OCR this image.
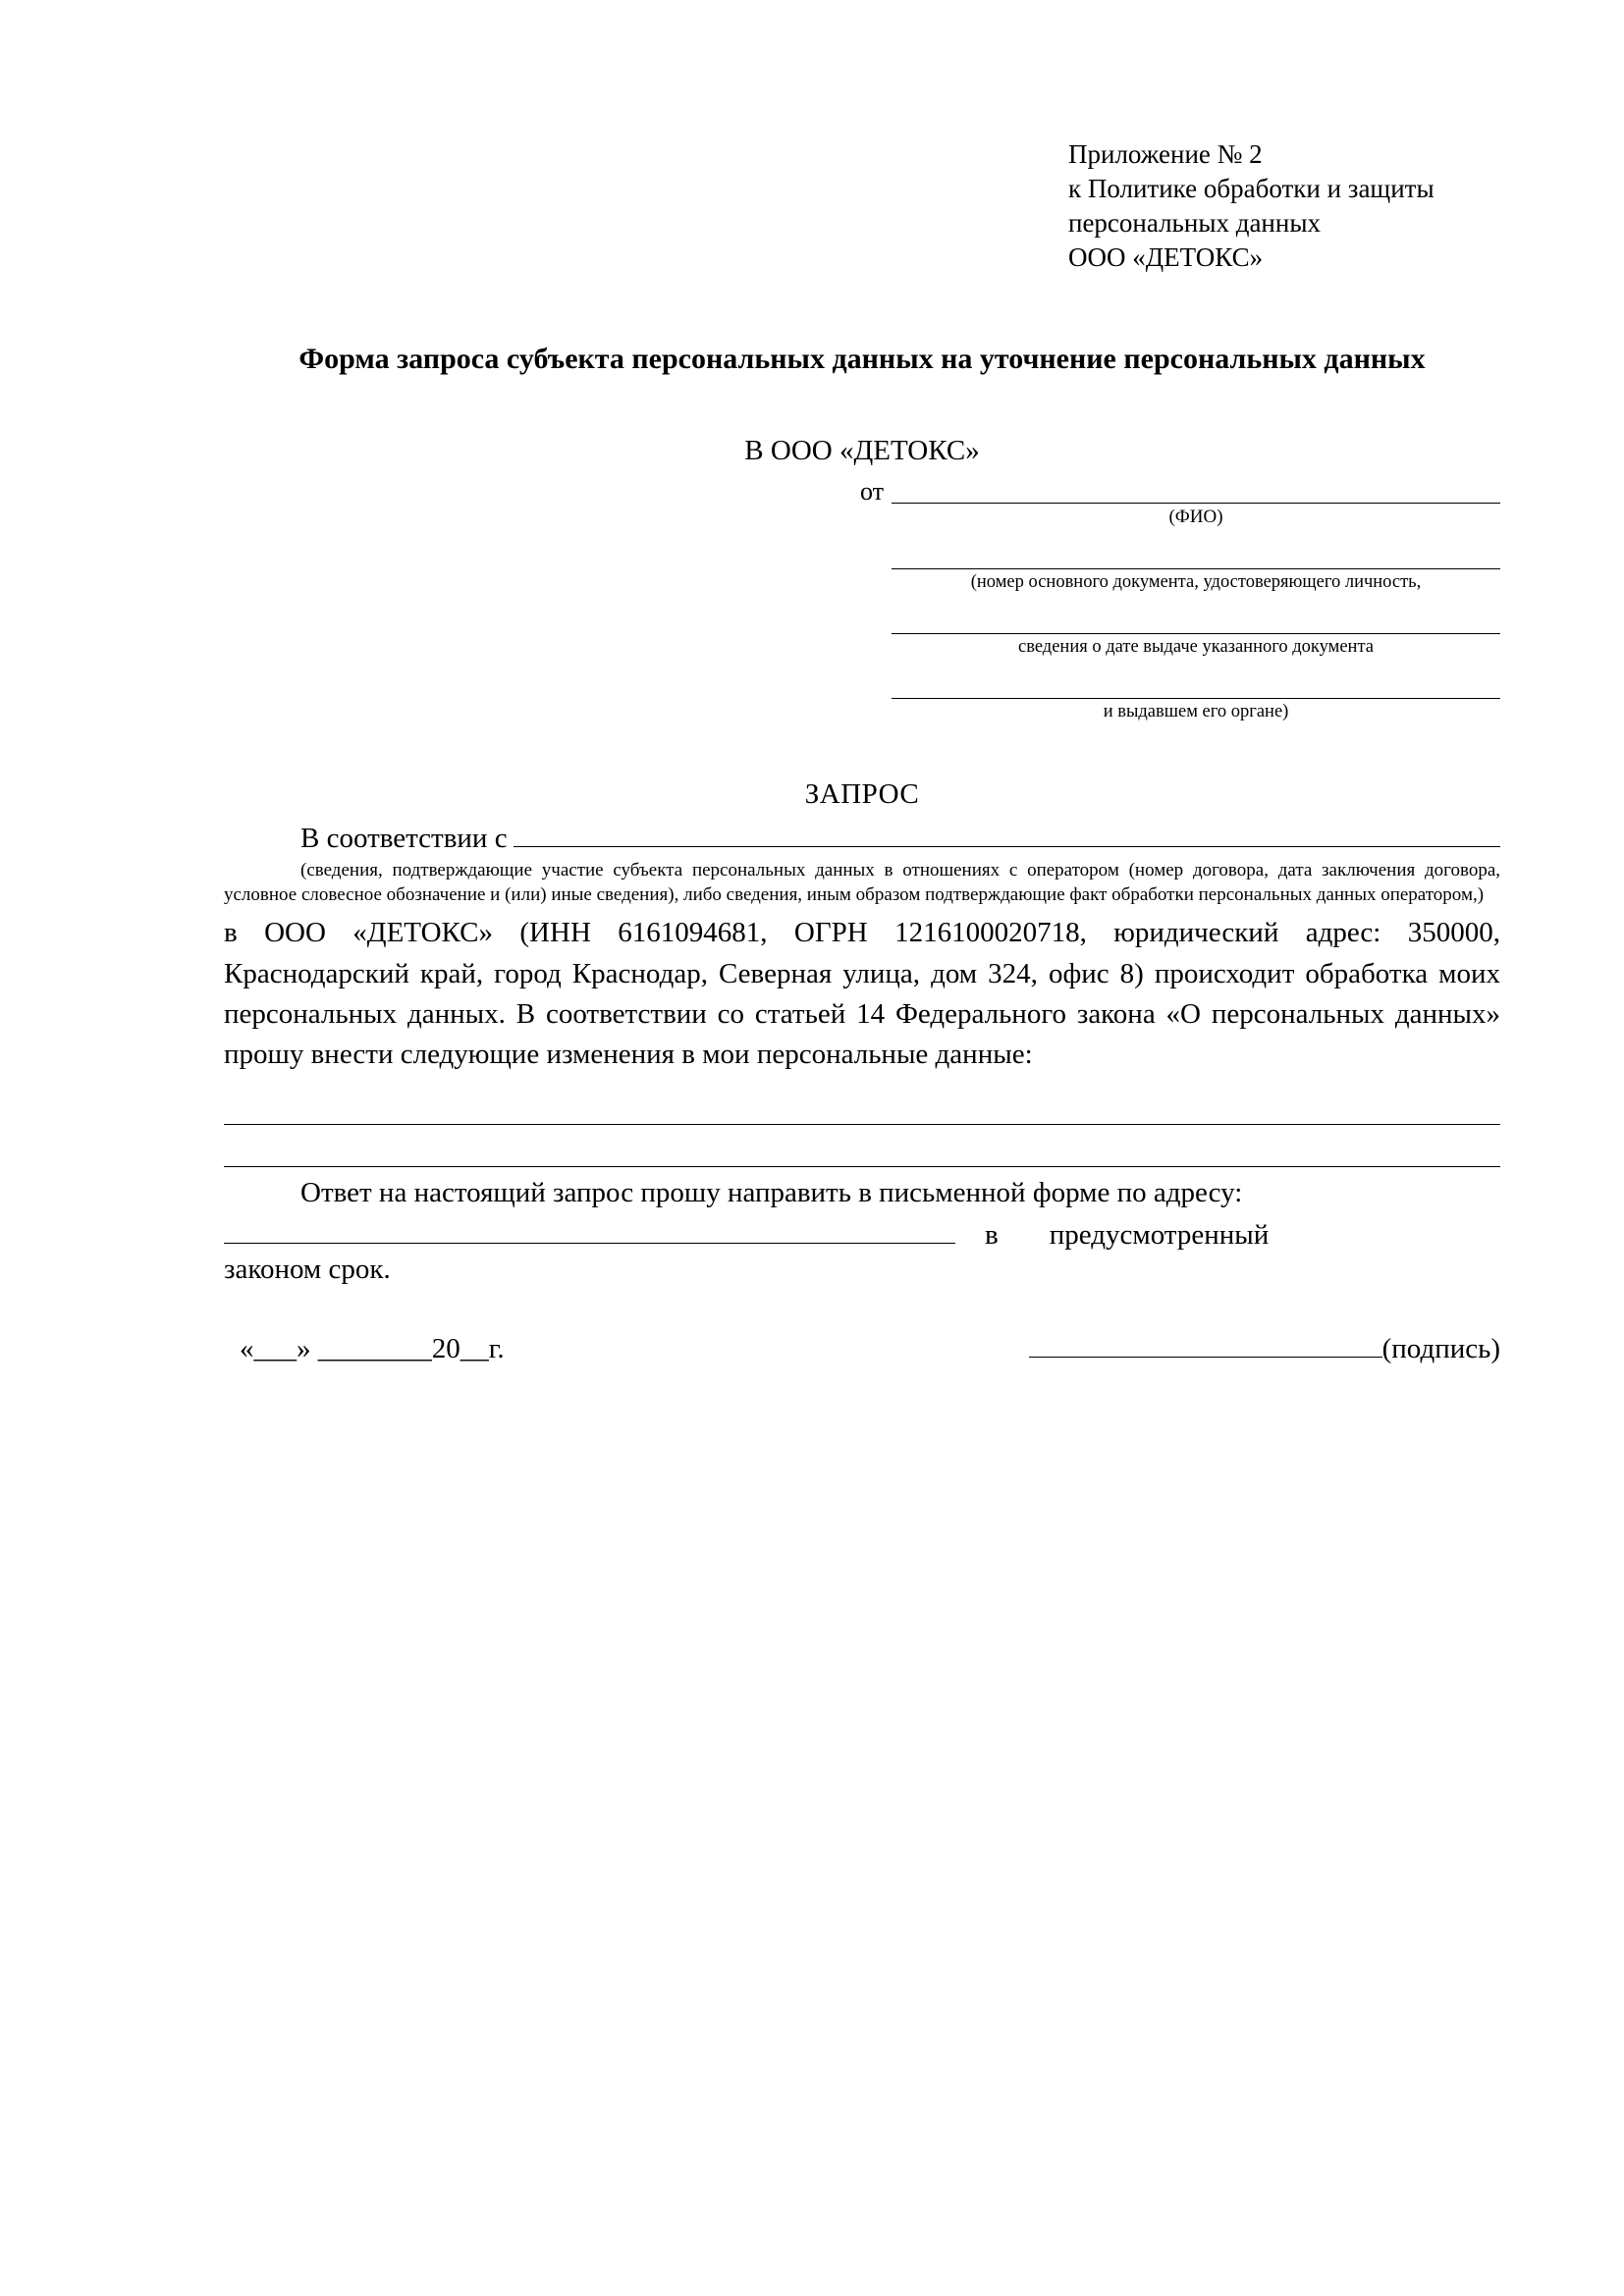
Приложение № 2
к Политике обработки и защиты
персональных данных
ООО «ДЕТОКС»
Форма запроса субъекта персональных данных на уточнение персональных данных
В ООО «ДЕТОКС»
от
(ФИО)
(номер основного документа, удостоверяющего личность,
сведения о дате выдаче указанного документа
и выдавшем его органе)
ЗАПРОС
В соответствии с
(сведения, подтверждающие участие субъекта персональных данных в отношениях с оператором (номер договора, дата заключения договора, условное словесное обозначение и (или) иные сведения), либо сведения, иным образом подтверждающие факт обработки персональных данных оператором,)
в ООО «ДЕТОКС» (ИНН 6161094681, ОГРН 1216100020718, юридический адрес: 350000, Краснодарский край, город Краснодар, Северная улица, дом 324, офис 8) происходит обработка моих персональных данных. В соответствии со статьей 14 Федерального закона «О персональных данных» прошу внести следующие изменения в мои персональные данные:
Ответ на настоящий запрос прошу направить в письменной форме по адресу:
в предусмотренный
законом срок.
«___» ________20__г.	(подпись)
